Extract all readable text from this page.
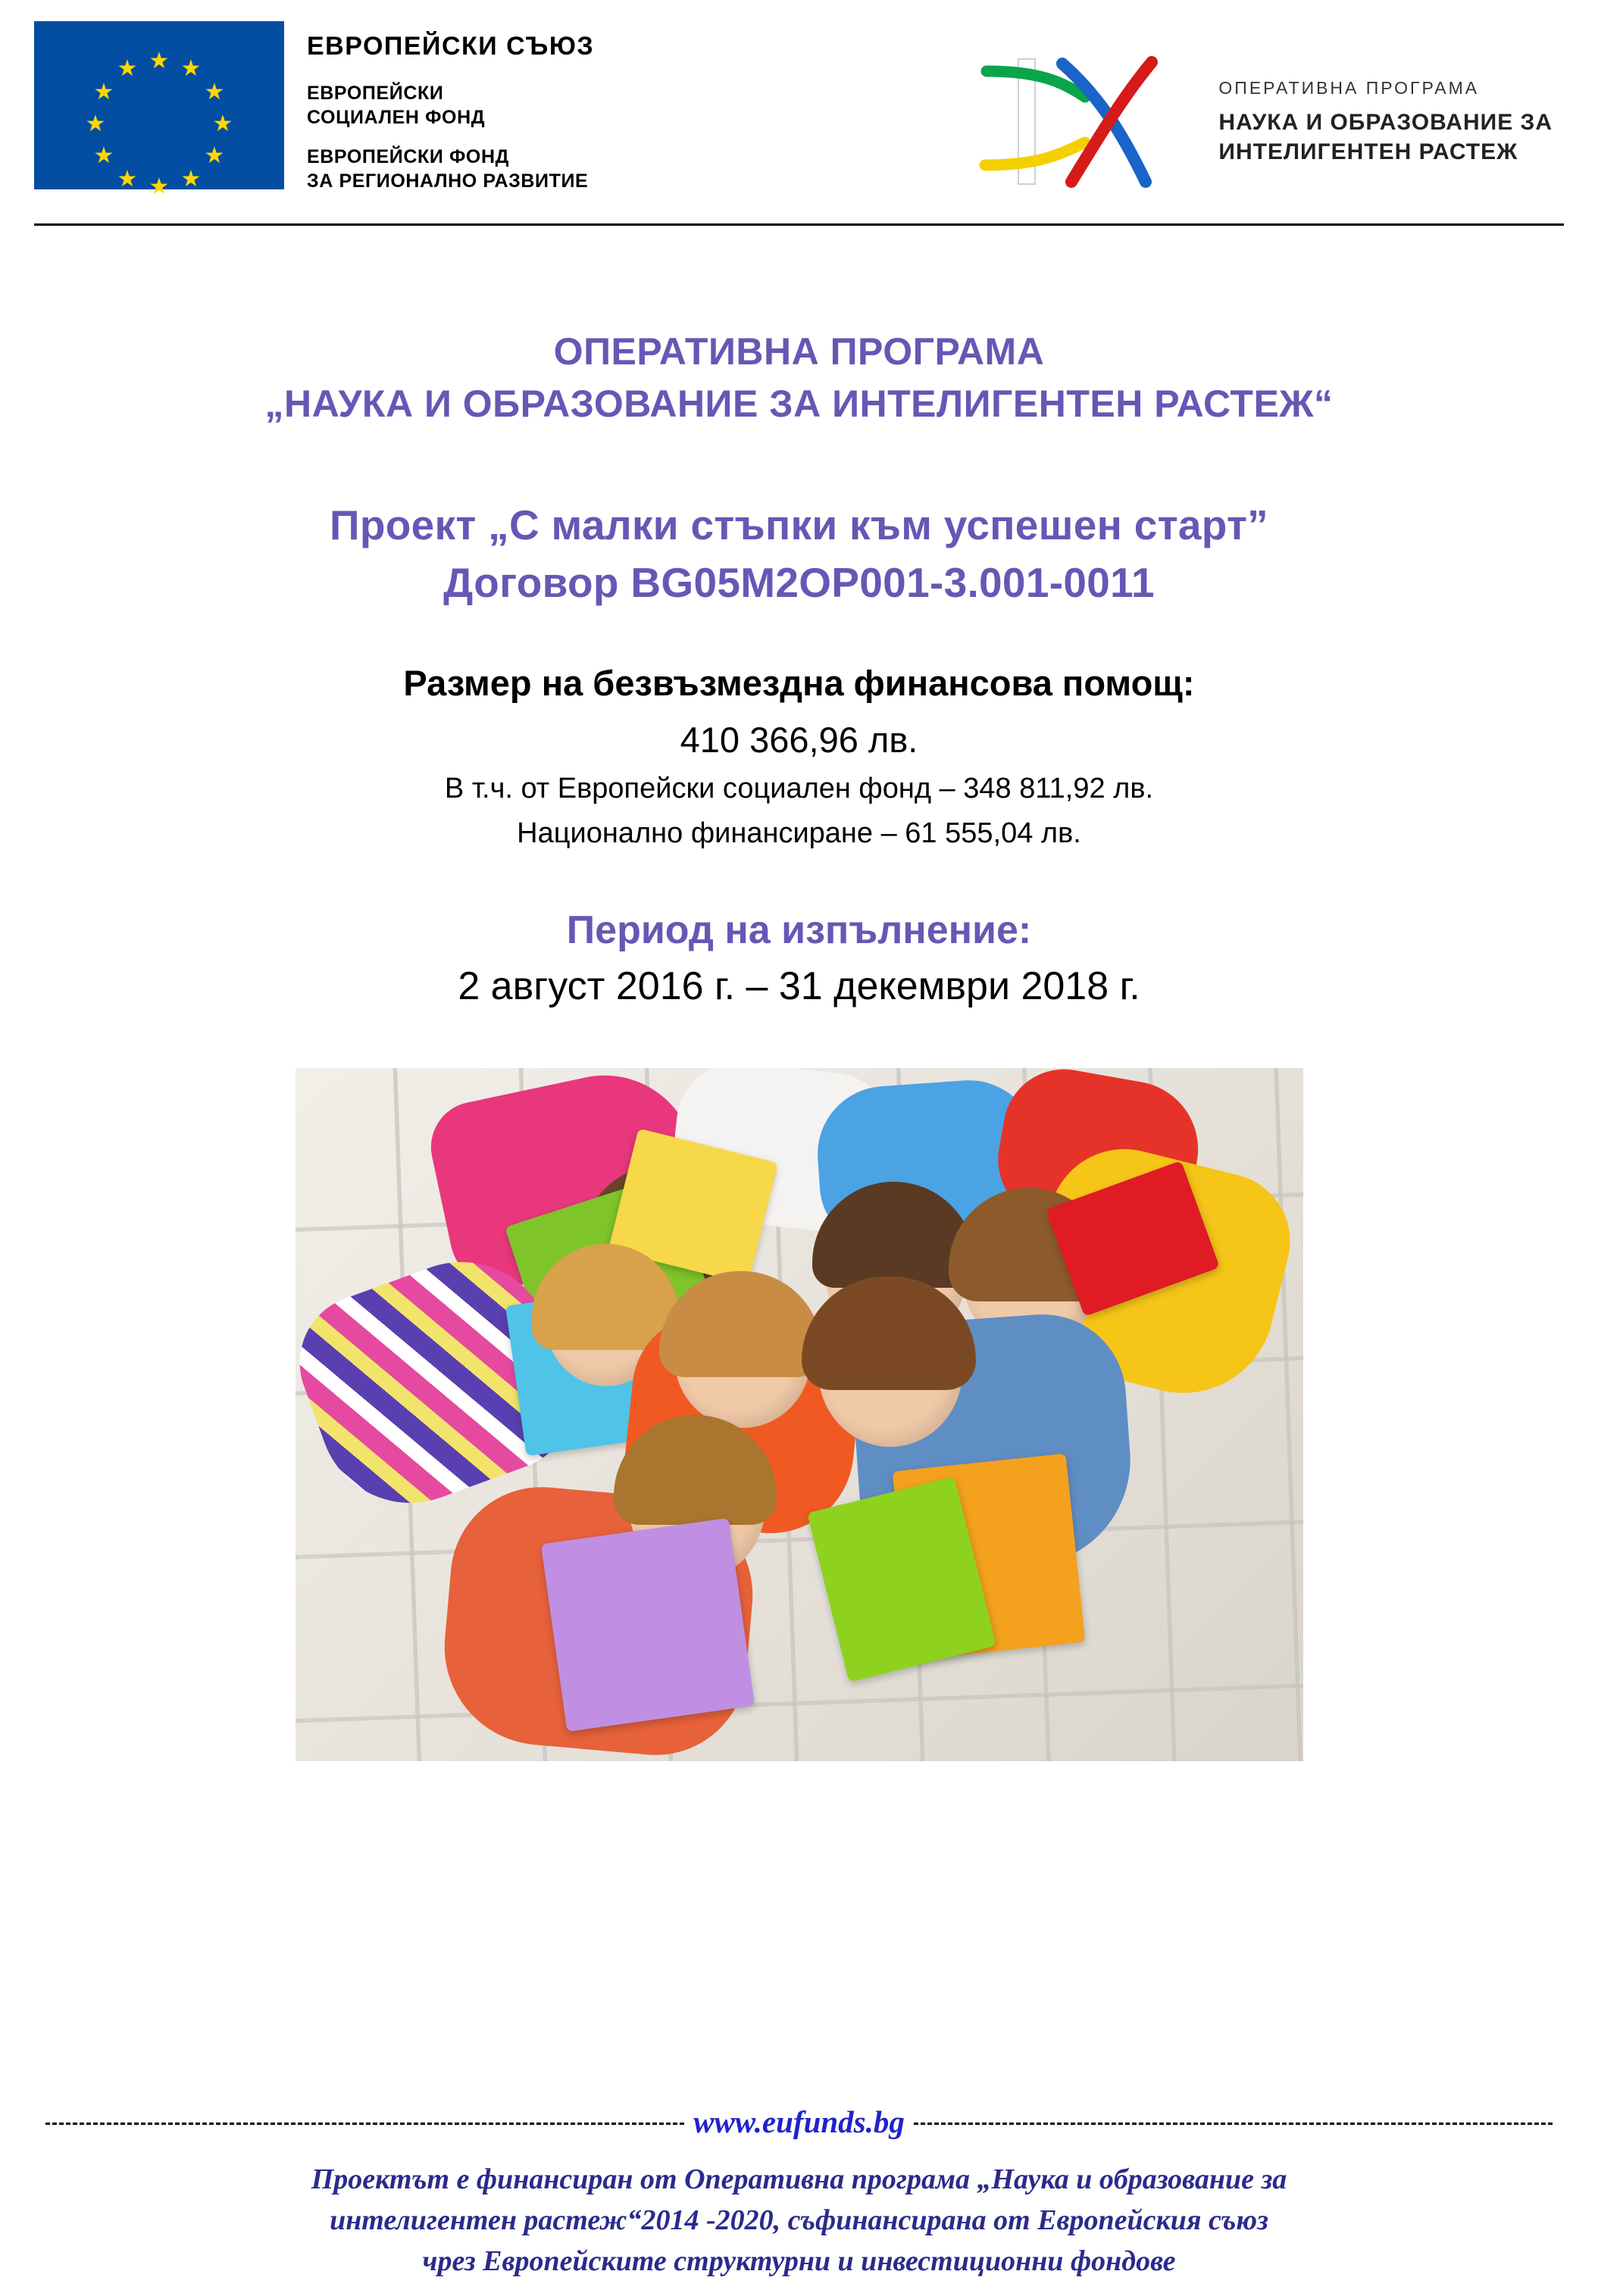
★ ★
★
★
★
★
★
★
★
★
★
★
ЕВРОПЕЙСКИ СЪЮЗ
ЕВРОПЕЙСКИ
СОЦИАЛЕН ФОНД
ЕВРОПЕЙСКИ ФОНД
ЗА РЕГИОНАЛНО РАЗВИТИЕ
ОПЕРАТИВНА ПРОГРАМА
НАУКА И ОБРАЗОВАНИЕ ЗА
ИНТЕЛИГЕНТЕН РАСТЕЖ
ОПЕРАТИВНА ПРОГРАМА
„НАУКА И ОБРАЗОВАНИЕ ЗА ИНТЕЛИГЕНТЕН РАСТЕЖ“
Проект „С малки стъпки към успешен старт”
Договор BG05M2OP001-3.001-0011
Размер на безвъзмездна финансова помощ:
410 366,96 лв.
В т.ч. от Европейски социален фонд – 348 811,92 лв.
Национално финансиране – 61 555,04 лв.
Период на изпълнение:
2 август 2016 г. – 31 декември 2018 г.
www.eufunds.bg
Проектът е финансиран от Оперативна програма „Наука и образование за
интелигентен растеж“2014 -2020, съфинансирана от Европейския съюз
чрез Европейските структурни и инвестиционни фондове
